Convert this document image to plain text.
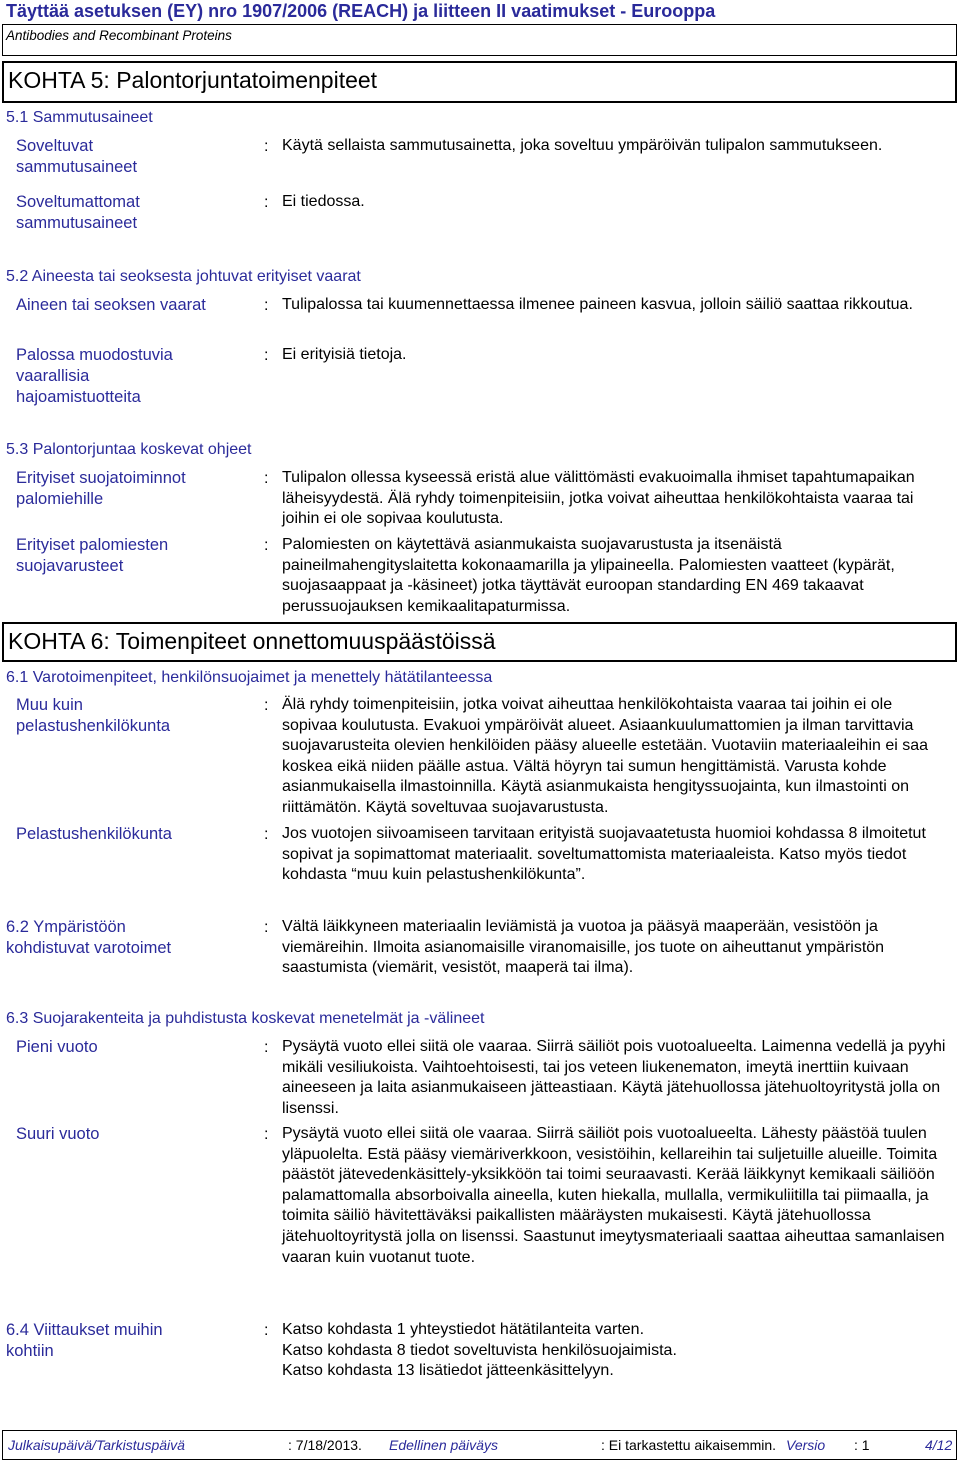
Täyttää asetuksen (EY) nro 1907/2006 (REACH) ja liitteen II vaatimukset - Eurooppa
Antibodies and Recombinant Proteins
KOHTA 5: Palontorjuntatoimenpiteet
5.1 Sammutusaineet
Soveltuvat
sammutusaineet
: Käytä sellaista sammutusainetta, joka soveltuu ympäröivän tulipalon sammutukseen.
Soveltumattomat
sammutusaineet
: Ei tiedossa.
5.2 Aineesta tai seoksesta johtuvat erityiset vaarat
Aineen tai seoksen vaarat	: Tulipalossa tai kuumennettaessa ilmenee paineen kasvua, jolloin säiliö saattaa rikkoutua.
Palossa muodostuvia
vaarallisia
hajoamistuotteita
: Ei erityisiä tietoja.
5.3 Palontorjuntaa koskevat ohjeet
Erityiset suojatoiminnot
palomiehille
: Tulipalon ollessa kyseessä eristä alue välittömästi evakuoimalla ihmiset tapahtumapaikan läheisyydestä. Älä ryhdy toimenpiteisiin, jotka voivat aiheuttaa henkilökohtaista vaaraa tai joihin ei ole sopivaa koulutusta.
Erityiset palomiesten
suojavarusteet
: Palomiesten on käytettävä asianmukaista suojavarustusta ja itsenäistä paineilmahengityslaitetta kokonaamarilla ja ylipaineella. Palomiesten vaatteet (kypärät, suojasaappaat ja -käsineet) jotka täyttävät euroopan standarding EN 469 takaavat perussuojauksen kemikaalitapaturmissa.
KOHTA 6: Toimenpiteet onnettomuuspäästöissä
6.1 Varotoimenpiteet, henkilönsuojaimet ja menettely hätätilanteessa
Muu kuin
pelastushenkilökunta
: Älä ryhdy toimenpiteisiin, jotka voivat aiheuttaa henkilökohtaista vaaraa tai joihin ei ole sopivaa koulutusta. Evakuoi ympäröivät alueet. Asiaankuulumattomien ja ilman tarvittavia suojavarusteita olevien henkilöiden pääsy alueelle estetään. Vuotaviin materiaaleihin ei saa koskea eikä niiden päälle astua. Vältä höyryn tai sumun hengittämistä. Varusta kohde asianmukaisella ilmastoinnilla. Käytä asianmukaista hengityssuojainta, kun ilmastointi on riittämätön. Käytä soveltuvaa suojavarustusta.
Pelastushenkilökunta	: Jos vuotojen siivoamiseen tarvitaan erityistä suojavaatetusta huomioi kohdassa 8 ilmoitetut sopivat ja sopimattomat materiaalit. soveltumattomista materiaaleista. Katso myös tiedot kohdasta “muu kuin pelastushenkilökunta”.
6.2 Ympäristöön
kohdistuvat varotoimet
: Vältä läikkyneen materiaalin leviämistä ja vuotoa ja pääsyä maaperään, vesistöön ja viemäreihin. Ilmoita asianomaisille viranomaisille, jos tuote on aiheuttanut ympäristön saastumista (viemärit, vesistöt, maaperä tai ilma).
6.3 Suojarakenteita ja puhdistusta koskevat menetelmät ja -välineet
Pieni vuoto	: Pysäytä vuoto ellei siitä ole vaaraa. Siirrä säiliöt pois vuotoalueelta. Laimenna vedellä ja pyyhi mikäli vesiliukoista. Vaihtoehtoisesti, tai jos veteen liukenematon, imeytä inerttiin kuivaan aineeseen ja laita asianmukaiseen jätteastiaan. Käytä jätehuollossa jätehuoltoyritystä jolla on lisenssi.
Suuri vuoto	: Pysäytä vuoto ellei siitä ole vaaraa. Siirrä säiliöt pois vuotoalueelta. Lähesty päästöä tuulen yläpuolelta. Estä pääsy viemäriverkkoon, vesistöihin, kellareihin tai suljetuille alueille. Toimita päästöt jätevedenkäsittely-yksikköön tai toimi seuraavasti. Kerää läikkynyt kemikaali säiliöön palamattomalla absorboivalla aineella, kuten hiekalla, mullalla, vermikuliitilla tai piimaalla, ja toimita säiliö hävitettäväksi paikallisten määräysten mukaisesti. Käytä jätehuollossa jätehuoltoyritystä jolla on lisenssi. Saastunut imeytysmateriaali saattaa aiheuttaa samanlaisen vaaran kuin vuotanut tuote.
6.4 Viittaukset muihin
kohtiin
: Katso kohdasta 1 yhteystiedot hätätilanteita varten.
Katso kohdasta 8 tiedot soveltuvista henkilösuojaimista.
Katso kohdasta 13 lisätiedot jätteenkäsittelyyn.
Julkaisupäivä/Tarkistuspäivä	: 7/18/2013. Edellinen päiväys	: Ei tarkastettu aikaisemmin. Versio : 1	4/12
